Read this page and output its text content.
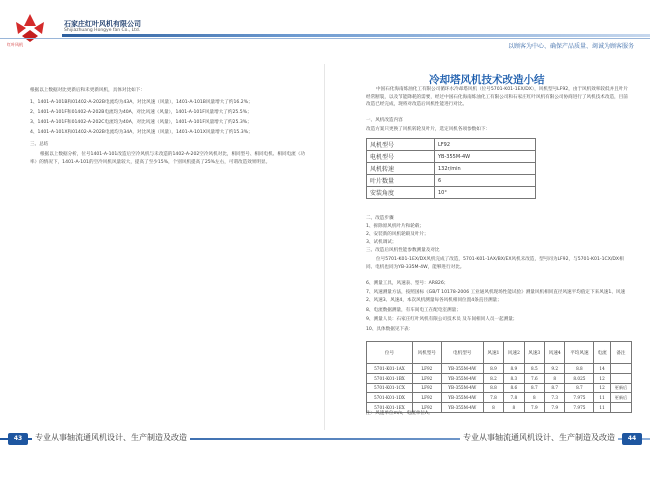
红叶风机
石家庄红叶风机有限公司
Shijiazhuang Hongye fan Co., Ltd.
以顾客为中心、确保产品质量、竭诚为顾客服务
根据以上数据对比更新后和未更新风机，具体对比如下：
1、1401-A-101B和01402-A-202B电流均为43A，对比风速（风量），1401-A-101B风量增大了约16.2%；
2、1401-A-101F和01402-A-202B电流均为40A，对比风速（风量），1401-A-101F风量增大了约25.5%；
3、1401-A-101F和01402-A-202C电流均为40A，对比风速（风量），1401-A-101F风量增大了约25.3%；
4、1401-A-101X和01402-A-202B电流均为34A，对比风速（风量），1401-A-101X风量增大了约15.3%；
三、总结
根据以上数据分析，位号1401-A-101改造后空冷风机与未改造的1402-A-202空冷风机对比，相同型号、相同电机、相同电流（功率）的情况下，1401-A-101的空冷风机风量较大，提高了至少15%，个别风机提高了25%左右，可谓改造效果明显。
冷却塔风机技术改造小结
中国石化海南炼油化工有限公司循环水冷却塔风机（位号5701-K01-1EX/DX），风机型号LF92，由于风机效率较低并且叶片经常断裂，以及节能降耗的需要，经过中国石化海南炼油化工有限公司和石家庄红叶风机有限公司协商进行了风机技术改造，目前改造已经完成，现将对改造后风机性能进行对比。
一、风机改造内容
改造方案只更换了风机转轮及叶片，选定风机各项参数如下：
风机型号	LF92
电机型号	YB-355M-4W
风机转速	132r/min
叶片数量	6
安装角度	10°
二、改造步骤
1、拆除原风机叶片和轮毂；
2、安装新的风机轮毂及叶片；
3、试机调试；
三、改造后风机性能参数测量及对比
位号5701-K01-1EX/DX风机完成了改造，5701-K01-1AX/BX/EX风机未改造，型号同为LF92，与5701-K01-1CX/DX相同、电机也同为YB-335M-4W，能够进行对比。
6、测量工具，风速表、型号：AR826；
7、风速测量方法，按照国标《GB/T 10178-2006 工业通风机现场性能试验》测量风机相同直径风速平均值定下来风速1、风速2、风速3、风速4，本次风机测量每各风机相同位置4条直径测量；
8、电流数据测量，有车间电工在配电室测量；
9、测量人员：石家庄红叶风机有限公司技术员 及车间相同人员一起测量；
10、具体数据见下表：
位号	风机型号	电机型号	风速1	风速2	风速3	风速4	平均风速	电流	备注
5701-K01-1AX	LF92	YB-355M-4W	8.9	8.9	8.5	9.2	8.8	14	
5701-K01-1BX	LF92	YB-355M-4W	8.2	8.3	7.6	8	8.025	12	
5701-K01-1CX	LF92	YB-355M-4W	8.8	8.6	8.7	8.7	8.7	12	更新后
5701-K01-1DX	LF92	YB-355M-4W	7.8	7.8	8	7.3	7.975	11	更新后
5701-K01-1EX	LF92	YB-355M-4W	8	8	7.9	7.9	7.975	11	
注：风速单位m/s，电流单位A。
43	专业从事轴流通风机设计、生产制造及改造	专业从事轴流通风机设计、生产制造及改造	44
